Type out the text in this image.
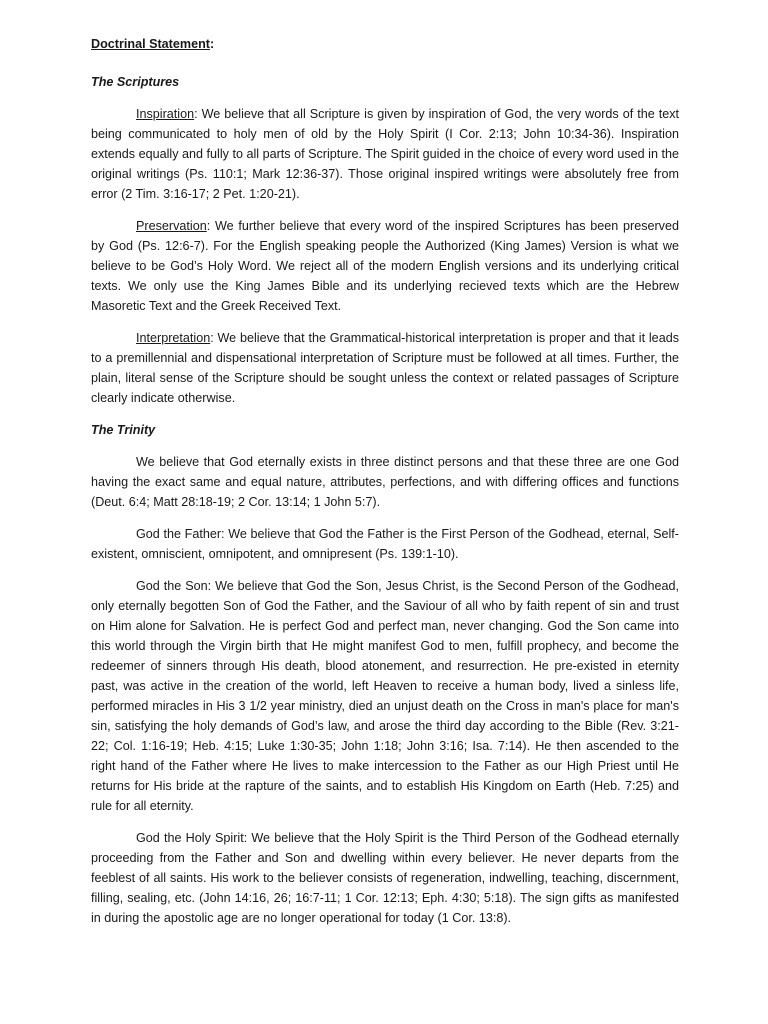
Doctrinal Statement:
The Scriptures

Inspiration: We believe that all Scripture is given by inspiration of God, the very words of the text being communicated to holy men of old by the Holy Spirit (I Cor. 2:13; John 10:34-36). Inspiration extends equally and fully to all parts of Scripture. The Spirit guided in the choice of every word used in the original writings (Ps. 110:1; Mark 12:36-37). Those original inspired writings were absolutely free from error (2 Tim. 3:16-17; 2 Pet. 1:20-21).

Preservation: We further believe that every word of the inspired Scriptures has been preserved by God (Ps. 12:6-7). For the English speaking people the Authorized (King James) Version is what we believe to be God’s Holy Word. We reject all of the modern English versions and its underlying critical texts. We only use the King James Bible and its underlying recieved texts which are the Hebrew Masoretic Text and the Greek Received Text.

Interpretation: We believe that the Grammatical-historical interpretation is proper and that it leads to a premillennial and dispensational interpretation of Scripture must be followed at all times. Further, the plain, literal sense of the Scripture should be sought unless the context or related passages of Scripture clearly indicate otherwise.

The Trinity

We believe that God eternally exists in three distinct persons and that these three are one God having the exact same and equal nature, attributes, perfections, and with differing offices and functions (Deut. 6:4; Matt 28:18-19; 2 Cor. 13:14; 1 John 5:7).

God the Father: We believe that God the Father is the First Person of the Godhead, eternal, Self-existent, omniscient, omnipotent, and omnipresent (Ps. 139:1-10).

God the Son: We believe that God the Son, Jesus Christ, is the Second Person of the Godhead, only eternally begotten Son of God the Father, and the Saviour of all who by faith repent of sin and trust on Him alone for Salvation. He is perfect God and perfect man, never changing. God the Son came into this world through the Virgin birth that He might manifest God to men, fulfill prophecy, and become the redeemer of sinners through His death, blood atonement, and resurrection. He pre-existed in eternity past, was active in the creation of the world, left Heaven to receive a human body, lived a sinless life, performed miracles in His 3 1/2 year ministry, died an unjust death on the Cross in man's place for man's sin, satisfying the holy demands of God’s law, and arose the third day according to the Bible (Rev. 3:21-22; Col. 1:16-19; Heb. 4:15; Luke 1:30-35; John 1:18; John 3:16; Isa. 7:14). He then ascended to the right hand of the Father where He lives to make intercession to the Father as our High Priest until He returns for His bride at the rapture of the saints, and to establish His Kingdom on Earth (Heb. 7:25) and rule for all eternity.

God the Holy Spirit: We believe that the Holy Spirit is the Third Person of the Godhead eternally proceeding from the Father and Son and dwelling within every believer. He never departs from the feeblest of all saints. His work to the believer consists of regeneration, indwelling, teaching, discernment, filling, sealing, etc. (John 14:16, 26; 16:7-11; 1 Cor. 12:13; Eph. 4:30; 5:18). The sign gifts as manifested in during the apostolic age are no longer operational for today (1 Cor. 13:8).
